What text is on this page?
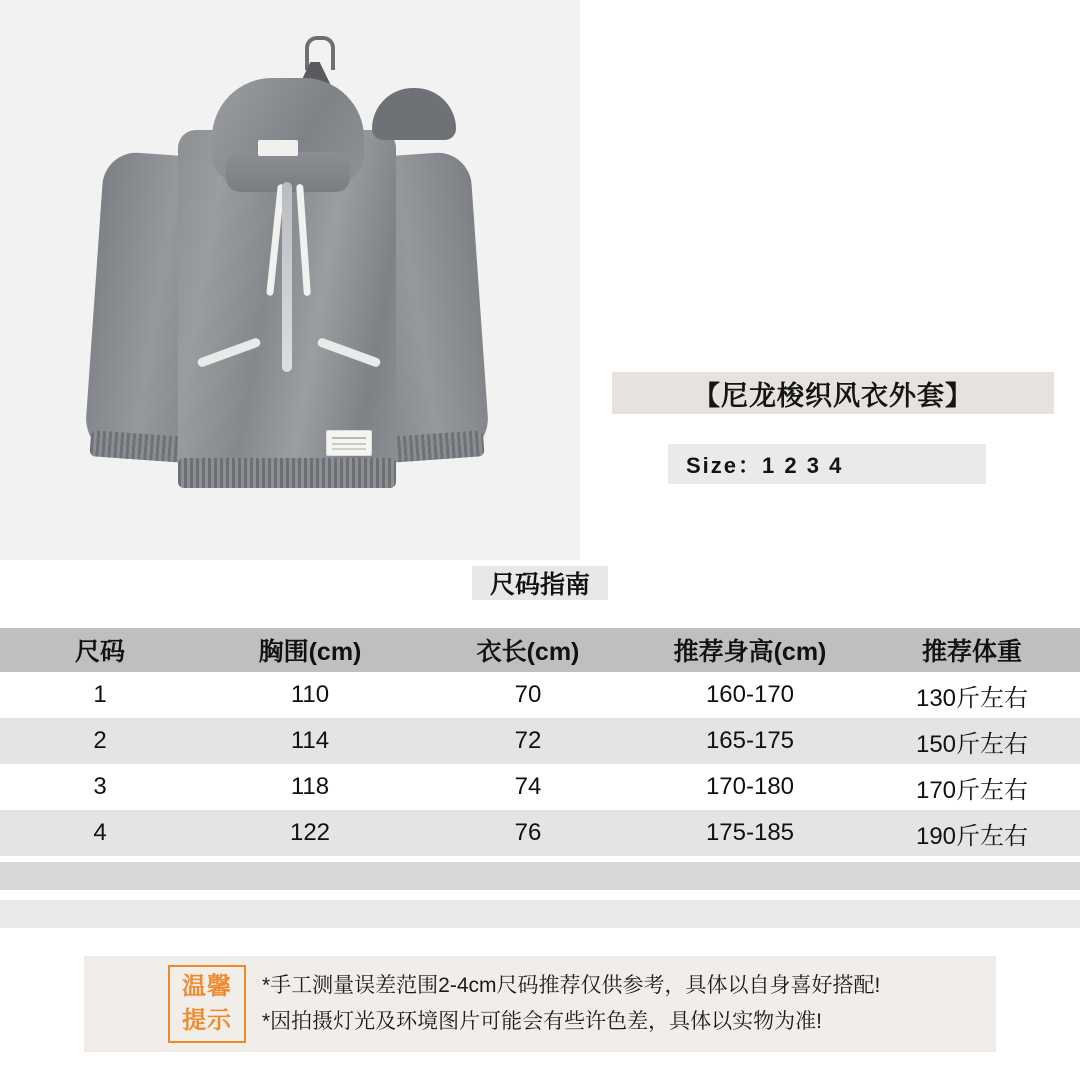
【尼龙梭织风衣外套】
Size：1 2 3 4
尺码指南
尺码	胸围(cm)	衣长(cm)	推荐身高(cm)	推荐体重
1	110	70	160-170	130斤左右
2	114	72	165-175	150斤左右
3	118	74	170-180	170斤左右
4	122	76	175-185	190斤左右
温馨
提示
*手工测量误差范围2-4cm尺码推荐仅供参考，具体以自身喜好搭配!
*因拍摄灯光及环境图片可能会有些许色差，具体以实物为准!
